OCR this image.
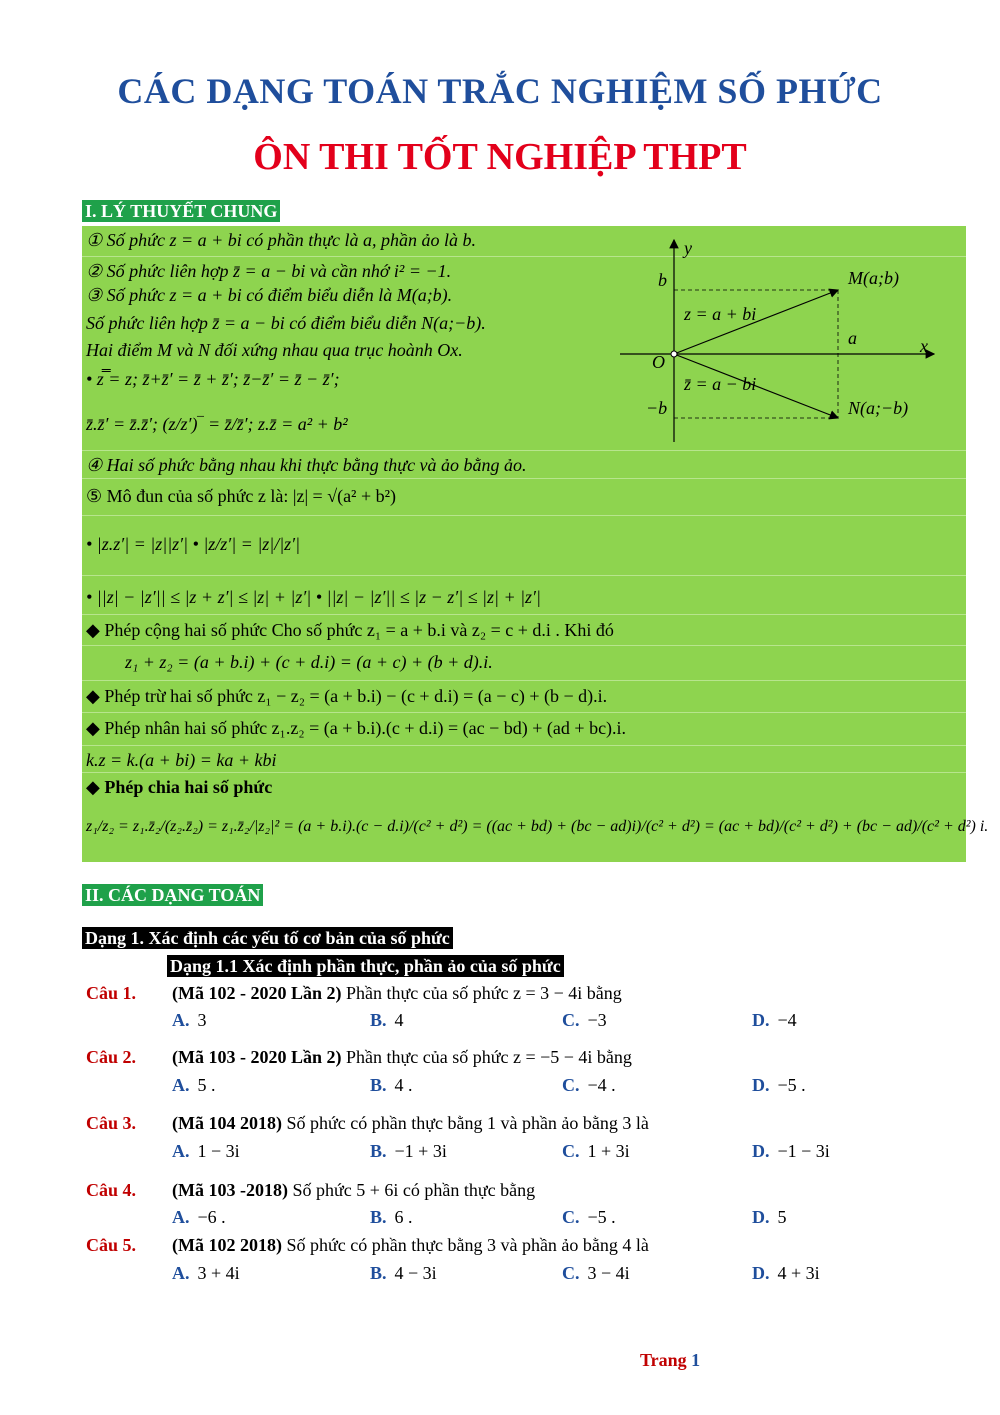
CÁC DẠNG TOÁN TRẮC NGHIỆM SỐ PHỨC
ÔN THI TỐT NGHIỆP THPT
I. LÝ THUYẾT CHUNG
① Số phức z = a + bi có phần thực là a, phần ảo là b.
② Số phức liên hợp z̄ = a − bi và cần nhớ i² = −1.
③ Số phức z = a + bi có điểm biểu diễn là M(a;b).
Số phức liên hợp z̄ = a − bi có điểm biểu diễn N(a;−b).
Hai điểm M và N đối xứng nhau qua trục hoành Ox.
• z̿ = z; z̄+z̄′ = z̄ + z̄′; z̄−z̄′ = z̄ − z̄′;
z̄.z̄′ = z̄.z̄′; (z/z′)‾ = z̄/z̄′; z.z̄ = a² + b²
④ Hai số phức bằng nhau khi thực bằng thực và ảo bằng ảo.
⑤ Mô đun của số phức z là: |z| = √(a² + b²)
• |z.z′| = |z||z′| • |z/z′| = |z|/|z′|
• ||z| − |z′|| ≤ |z + z′| ≤ |z| + |z′| • ||z| − |z′|| ≤ |z − z′| ≤ |z| + |z′|
◆ Phép cộng hai số phức Cho số phức z₁ = a + b.i và z₂ = c + d.i . Khi đó
z₁ + z₂ = (a + b.i) + (c + d.i) = (a + c) + (b + d).i.
◆ Phép trừ hai số phức z₁ − z₂ = (a + b.i) − (c + d.i) = (a − c) + (b − d).i.
◆ Phép nhân hai số phức z₁.z₂ = (a + b.i).(c + d.i) = (ac − bd) + (ad + bc).i.
k.z = k.(a + bi) = ka + kbi
◆ Phép chia hai số phức
z₁/z₂ = z₁.z̄₂/(z₂.z̄₂) = z₁.z̄₂/|z₂|² = (a + b.i).(c − d.i)/(c² + d²) = ((ac + bd) + (bc − ad)i)/(c² + d²) = (ac + bd)/(c² + d²) + (bc − ad)/(c² + d²) i.
y
x
b
−b
a
O
M(a;b)
N(a;−b)
z = a + bi
z̄ = a − bi
II. CÁC DẠNG TOÁN
Dạng 1. Xác định các yếu tố cơ bản của số phức
Dạng 1.1 Xác định phần thực, phần ảo của số phức
Câu 1. (Mã 102 - 2020 Lần 2) Phần thực của số phức z = 3 − 4i bằng
A. 3	B. 4	C. −3	D. −4
Câu 2. (Mã 103 - 2020 Lần 2) Phần thực của số phức z = −5 − 4i bằng
A. 5 .	B. 4 .	C. −4 .	D. −5 .
Câu 3. (Mã 104 2018) Số phức có phần thực bằng 1 và phần ảo bằng 3 là
A. 1 − 3i	B. −1 + 3i	C. 1 + 3i	D. −1 − 3i
Câu 4. (Mã 103 -2018) Số phức 5 + 6i có phần thực bằng
A. −6 .	B. 6 .	C. −5 .	D. 5
Câu 5. (Mã 102 2018) Số phức có phần thực bằng 3 và phần ảo bằng 4 là
A. 3 + 4i	B. 4 − 3i	C. 3 − 4i	D. 4 + 3i
Trang 1
